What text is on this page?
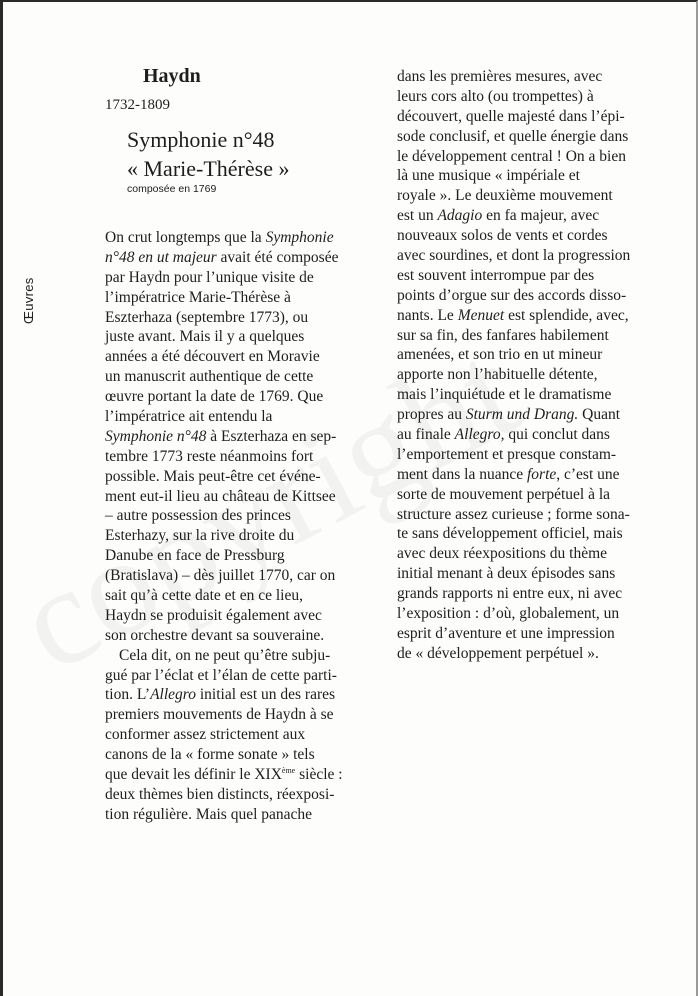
Œuvres
Haydn
1732-1809
Symphonie n°48
« Marie-Thérèse »
composée en 1769
On crut longtemps que la Symphonie
n°48 en ut majeur avait été composée
par Haydn pour l’unique visite de
l’impératrice Marie-Thérèse à
Eszterhaza (septembre 1773), ou
juste avant. Mais il y a quelques
années a été découvert en Moravie
un manuscrit authentique de cette
œuvre portant la date de 1769. Que
l’impératrice ait entendu la
Symphonie n°48 à Eszterhaza en sep-
tembre 1773 reste néanmoins fort
possible. Mais peut-être cet événe-
ment eut-il lieu au château de Kittsee
– autre possession des princes
Esterhazy, sur la rive droite du
Danube en face de Pressburg
(Bratislava) – dès juillet 1770, car on
sait qu’à cette date et en ce lieu,
Haydn se produisit également avec
son orchestre devant sa souveraine.
Cela dit, on ne peut qu’être subju-
gué par l’éclat et l’élan de cette parti-
tion. L’Allegro initial est un des rares
premiers mouvements de Haydn à se
conformer assez strictement aux
canons de la « forme sonate » tels
que devait les définir le XIXème siècle :
deux thèmes bien distincts, réexposi-
tion régulière. Mais quel panache
dans les premières mesures, avec
leurs cors alto (ou trompettes) à
découvert, quelle majesté dans l’épi-
sode conclusif, et quelle énergie dans
le développement central ! On a bien
là une musique « impériale et
royale ». Le deuxième mouvement
est un Adagio en fa majeur, avec
nouveaux solos de vents et cordes
avec sourdines, et dont la progression
est souvent interrompue par des
points d’orgue sur des accords disso-
nants. Le Menuet est splendide, avec,
sur sa fin, des fanfares habilement
amenées, et son trio en ut mineur
apporte non l’habituelle détente,
mais l’inquiétude et le dramatisme
propres au Sturm und Drang. Quant
au finale Allegro, qui conclut dans
l’emportement et presque constam-
ment dans la nuance forte, c’est une
sorte de mouvement perpétuel à la
structure assez curieuse ; forme sona-
te sans développement officiel, mais
avec deux réexpositions du thème
initial menant à deux épisodes sans
grands rapports ni entre eux, ni avec
l’exposition : d’où, globalement, un
esprit d’aventure et une impression
de « développement perpétuel ».
